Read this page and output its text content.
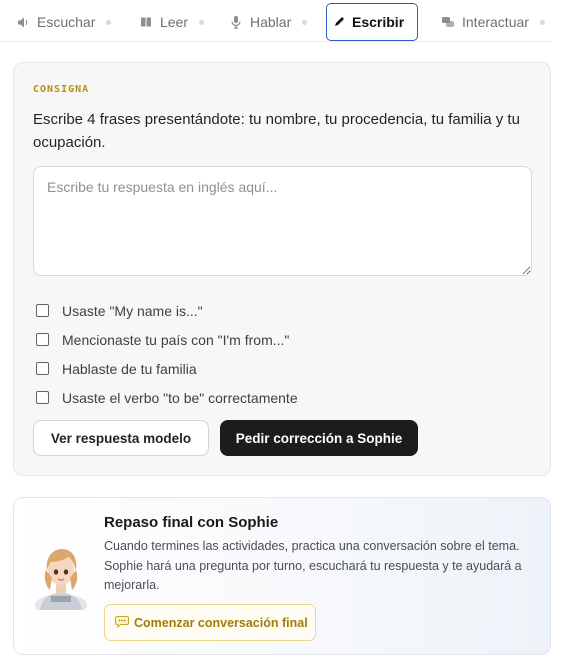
Escuchar	Leer	Hablar	Escribir	Interactuar
CONSIGNA
Escribe 4 frases presentándote: tu nombre, tu procedencia, tu familia y tu ocupación.
Escribe tu respuesta en inglés aquí...
Usaste "My name is..."
Mencionaste tu país con "I'm from..."
Hablaste de tu familia
Usaste el verbo "to be" correctamente
Ver respuesta modelo	Pedir corrección a Sophie
Repaso final con Sophie
Cuando termines las actividades, practica una conversación sobre el tema. Sophie hará una pregunta por turno, escuchará tu respuesta y te ayudará a mejorarla.
Comenzar conversación final
